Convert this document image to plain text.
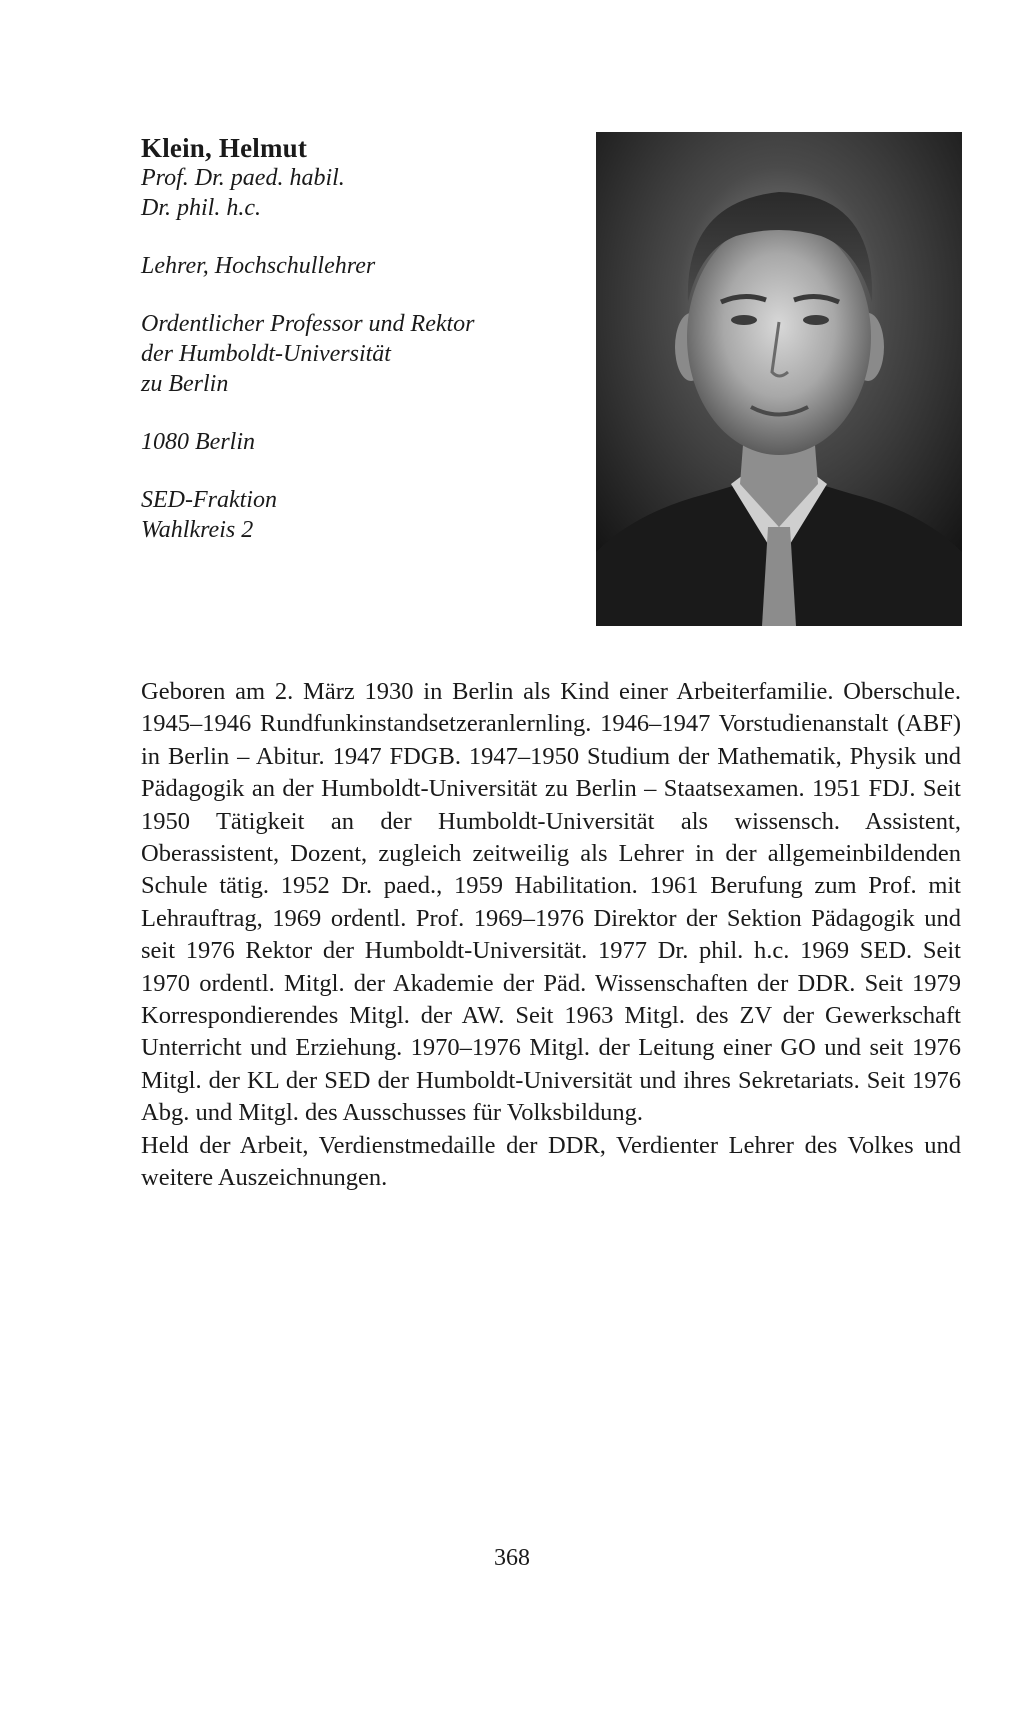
Klein, Helmut

Prof. Dr. paed. habil.

Dr. phil. h.c.

Lehrer, Hochschullehrer

Ordentlicher Professor und Rektor

der Humboldt-Universität

zu Berlin

1080 Berlin

SED-Fraktion

Wahlkreis 2

Geboren am 2. März 1930 in Berlin als Kind einer Arbeiterfamilie. Oberschule. 1945–1946 Rundfunkinstandsetzeranlernling. 1946–1947 Vorstudienanstalt (ABF) in Berlin – Abitur. 1947 FDGB. 1947–1950 Studium der Mathematik, Physik und Pädagogik an der Humboldt-Universität zu Berlin – Staatsexamen. 1951 FDJ. Seit 1950 Tätigkeit an der Humboldt-Universität als wissensch. Assistent, Oberassistent, Dozent, zugleich zeitweilig als Lehrer in der allgemeinbildenden Schule tätig. 1952 Dr. paed., 1959 Habilitation. 1961 Berufung zum Prof. mit Lehrauftrag, 1969 ordentl. Prof. 1969–1976 Direktor der Sektion Pädagogik und seit 1976 Rektor der Humboldt-Universität. 1977 Dr. phil. h.c. 1969 SED. Seit 1970 ordentl. Mitgl. der Akademie der Päd. Wissenschaften der DDR. Seit 1979 Korrespondierendes Mitgl. der AW. Seit 1963 Mitgl. des ZV der Gewerkschaft Unterricht und Erziehung. 1970–1976 Mitgl. der Leitung einer GO und seit 1976 Mitgl. der KL der SED der Humboldt-Universität und ihres Sekretariats. Seit 1976 Abg. und Mitgl. des Ausschusses für Volksbildung.

Held der Arbeit, Verdienstmedaille der DDR, Verdienter Lehrer des Volkes und weitere Auszeichnungen.

368
